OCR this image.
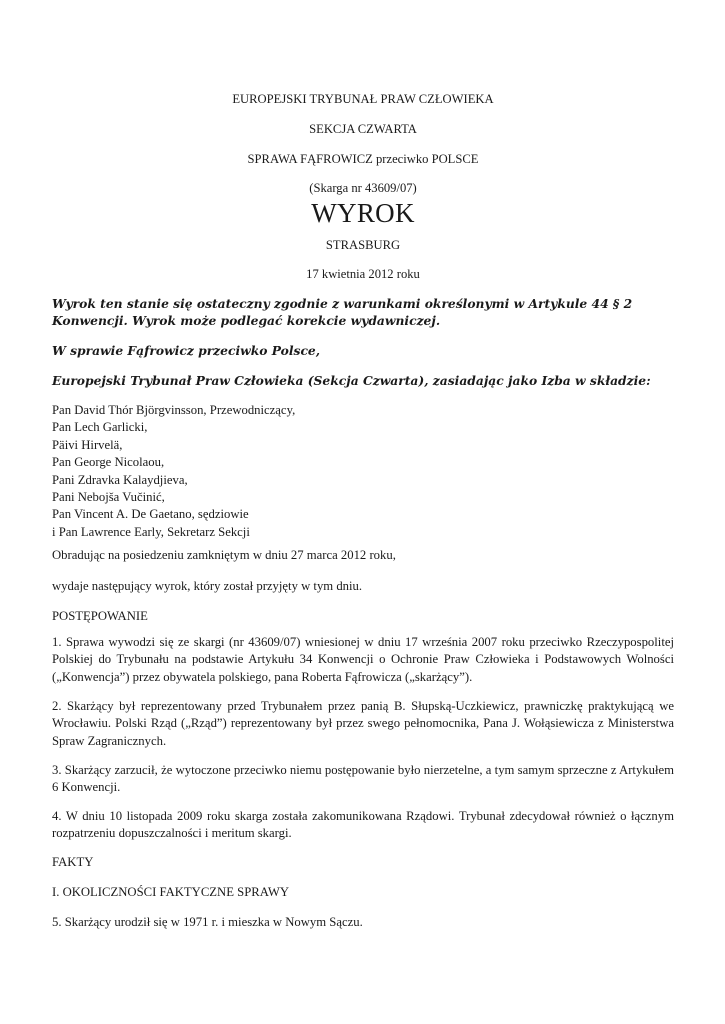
EUROPEJSKI TRYBUNAŁ PRAW CZŁOWIEKA
SEKCJA CZWARTA
SPRAWA FĄFROWICZ przeciwko POLSCE
(Skarga nr 43609/07)
WYROK
STRASBURG
17 kwietnia 2012 roku
Wyrok ten stanie się ostateczny zgodnie z warunkami określonymi w Artykule 44 § 2 Konwencji. Wyrok może podlegać korekcie wydawniczej.
W sprawie Fąfrowicz przeciwko Polsce,
Europejski Trybunał Praw Człowieka (Sekcja Czwarta), zasiadając jako Izba w składzie:
Pan David Thór Björgvinsson, Przewodniczący,
Pan Lech Garlicki,
Päivi Hirvelä,
Pan George Nicolaou,
Pani Zdravka Kalaydjieva,
Pani Nebojša Vučinić,
Pan Vincent A. De Gaetano, sędziowie
i Pan Lawrence Early, Sekretarz Sekcji
Obradując na posiedzeniu zamkniętym w dniu 27 marca 2012 roku,
wydaje następujący wyrok, który został przyjęty w tym dniu.
POSTĘPOWANIE
1. Sprawa wywodzi się ze skargi (nr 43609/07) wniesionej w dniu 17 września 2007 roku przeciwko Rzeczypospolitej Polskiej do Trybunału na podstawie Artykułu 34 Konwencji o Ochronie Praw Człowieka i Podstawowych Wolności („Konwencja”) przez obywatela polskiego, pana Roberta Fąfrowicza („skarżący”).
2. Skarżący był reprezentowany przed Trybunałem przez panią B. Słupską-Uczkiewicz, prawniczkę praktykującą we Wrocławiu. Polski Rząd („Rząd”) reprezentowany był przez swego pełnomocnika, Pana J. Wołąsiewicza z Ministerstwa Spraw Zagranicznych.
3. Skarżący zarzucił, że wytoczone przeciwko niemu postępowanie było nierzetelne, a tym samym sprzeczne z Artykułem 6 Konwencji.
4. W dniu 10 listopada 2009 roku skarga została zakomunikowana Rządowi. Trybunał zdecydował również o łącznym rozpatrzeniu dopuszczalności i meritum skargi.
FAKTY
I. OKOLICZNOŚCI FAKTYCZNE SPRAWY
5. Skarżący urodził się w 1971 r. i mieszka w Nowym Sączu.
